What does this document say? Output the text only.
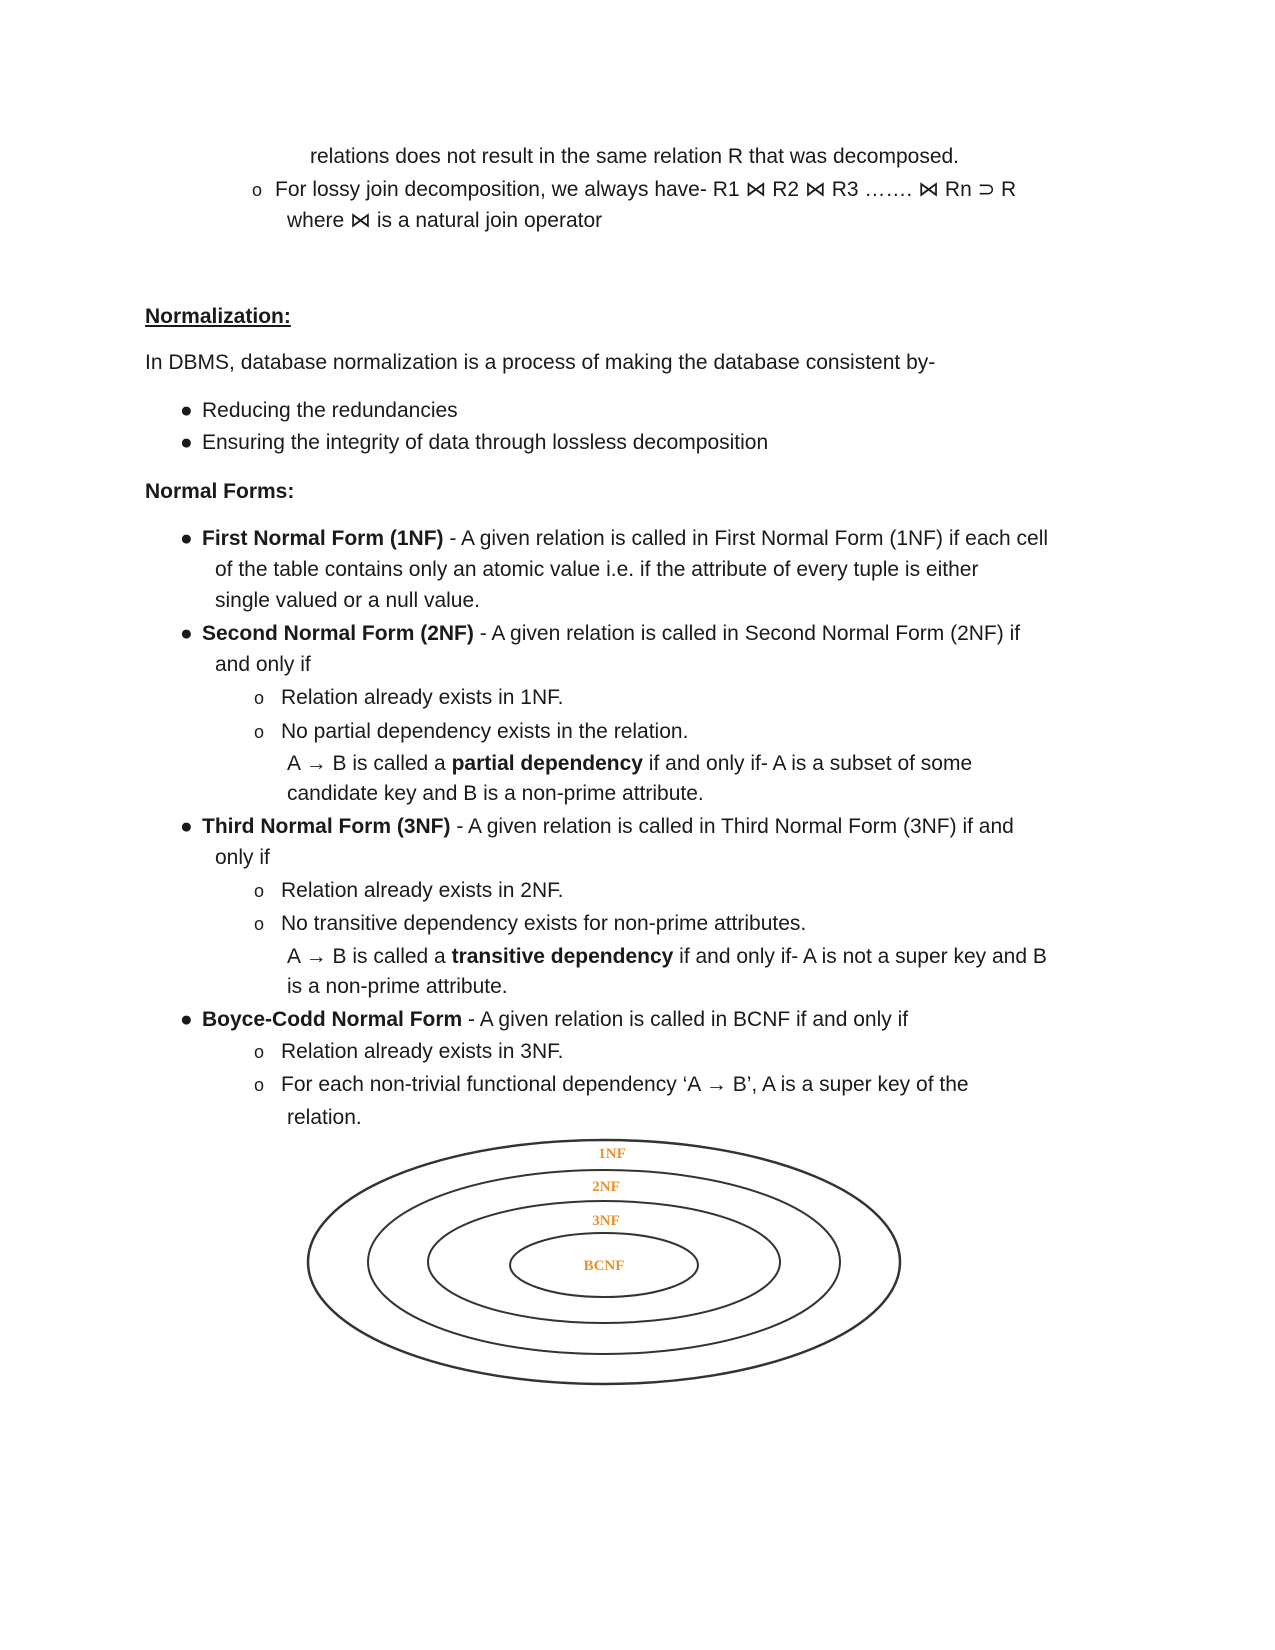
relations does not result in the same relation R that was decomposed.
o For lossy join decomposition, we always have- R1 ⋈ R2 ⋈ R3 ……. ⋈ Rn ⊃ R
where ⋈ is a natural join operator
Normalization:
In DBMS, database normalization is a process of making the database consistent by-
● Reducing the redundancies
● Ensuring the integrity of data through lossless decomposition
Normal Forms:
● First Normal Form (1NF) - A given relation is called in First Normal Form (1NF) if each cell
of the table contains only an atomic value i.e. if the attribute of every tuple is either
single valued or a null value.
● Second Normal Form (2NF) - A given relation is called in Second Normal Form (2NF) if
and only if
o Relation already exists in 1NF.
o No partial dependency exists in the relation.
A → B is called a partial dependency if and only if- A is a subset of some
candidate key and B is a non-prime attribute.
● Third Normal Form (3NF) - A given relation is called in Third Normal Form (3NF) if and
only if
o Relation already exists in 2NF.
o No transitive dependency exists for non-prime attributes.
A → B is called a transitive dependency if and only if- A is not a super key and B
is a non-prime attribute.
● Boyce-Codd Normal Form - A given relation is called in BCNF if and only if
o Relation already exists in 3NF.
o For each non-trivial functional dependency ‘A → B’, A is a super key of the
relation.
1NF
2NF
3NF
BCNF
